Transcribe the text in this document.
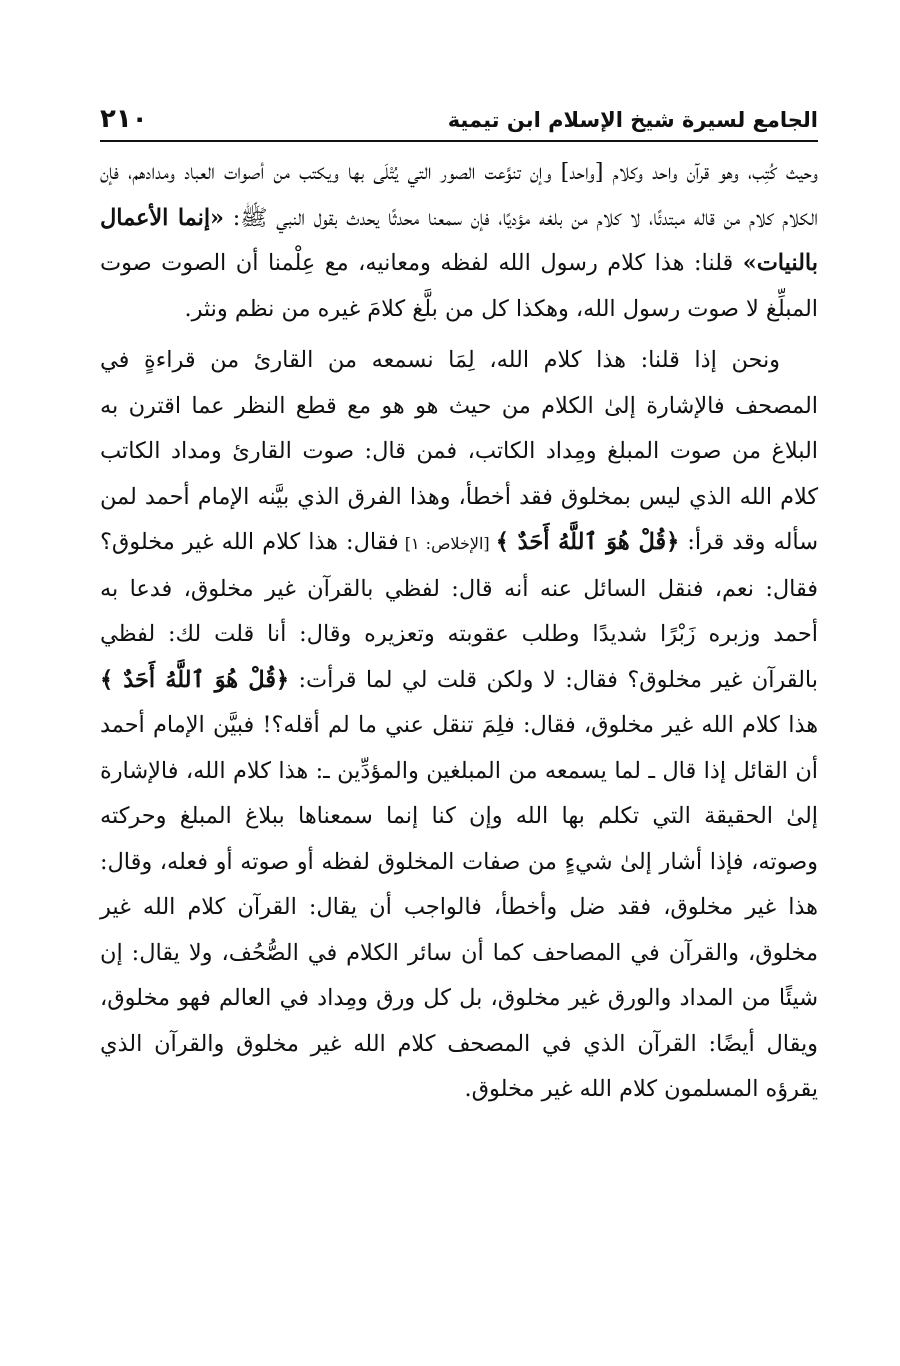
الجامع لسيرة شيخ الإسلام ابن تيمية
٢١٠

وحيث كُتِب، وهو قرآن واحد وكلام [واحد] وإن تنوَّعت الصور التي يُتْلَى بها ويكتب من أصوات العباد ومدادهم، فإن الكلام كلام من قاله مبتدئًا، لا كلام من بلغه مؤديًا، فإن سمعنا محدثًا يحدث بقول النبي ﷺ: «إنما الأعمال بالنيات» قلنا: هذا كلام رسول الله لفظه ومعانيه، مع عِلْمنا أن الصوت صوت المبلِّغ لا صوت رسول الله، وهكذا كل من بلَّغ كلامَ غيره من نظم ونثر.

ونحن إذا قلنا: هذا كلام الله، لِمَا نسمعه من القارئ من قراءةٍ في المصحف فالإشارة إلىٰ الكلام من حيث هو هو مع قطع النظر عما اقترن به البلاغ من صوت المبلغ ومِداد الكاتب، فمن قال: صوت القارئ ومداد الكاتب كلام الله الذي ليس بمخلوق فقد أخطأ، وهذا الفرق الذي بيَّنه الإمام أحمد لمن سأله وقد قرأ: ﴿قُلْ هُوَ ٱللَّهُ أَحَدٌ ﴾ [الإخلاص: ١] فقال: هذا كلام الله غير مخلوق؟ فقال: نعم، فنقل السائل عنه أنه قال: لفظي بالقرآن غير مخلوق، فدعا به أحمد وزبره زَبْرًا شديدًا وطلب عقوبته وتعزيره وقال: أنا قلت لك: لفظي بالقرآن غير مخلوق؟ فقال: لا ولكن قلت لي لما قرأت: ﴿قُلْ هُوَ ٱللَّهُ أَحَدٌ ﴾ هذا كلام الله غير مخلوق، فقال: فلِمَ تنقل عني ما لم أقله؟! فبيَّن الإمام أحمد أن القائل إذا قال ـ لما يسمعه من المبلغين والمؤدِّين ـ: هذا كلام الله، فالإشارة إلىٰ الحقيقة التي تكلم بها الله وإن كنا إنما سمعناها ببلاغ المبلغ وحركته وصوته، فإذا أشار إلىٰ شيءٍ من صفات المخلوق لفظه أو صوته أو فعله، وقال: هذا غير مخلوق، فقد ضل وأخطأ، فالواجب أن يقال: القرآن كلام الله غير مخلوق، والقرآن في المصاحف كما أن سائر الكلام في الصُّحُف، ولا يقال: إن شيئًا من المداد والورق غير مخلوق، بل كل ورق ومِداد في العالم فهو مخلوق، ويقال أيضًا: القرآن الذي في المصحف كلام الله غير مخلوق والقرآن الذي يقرؤه المسلمون كلام الله غير مخلوق.
